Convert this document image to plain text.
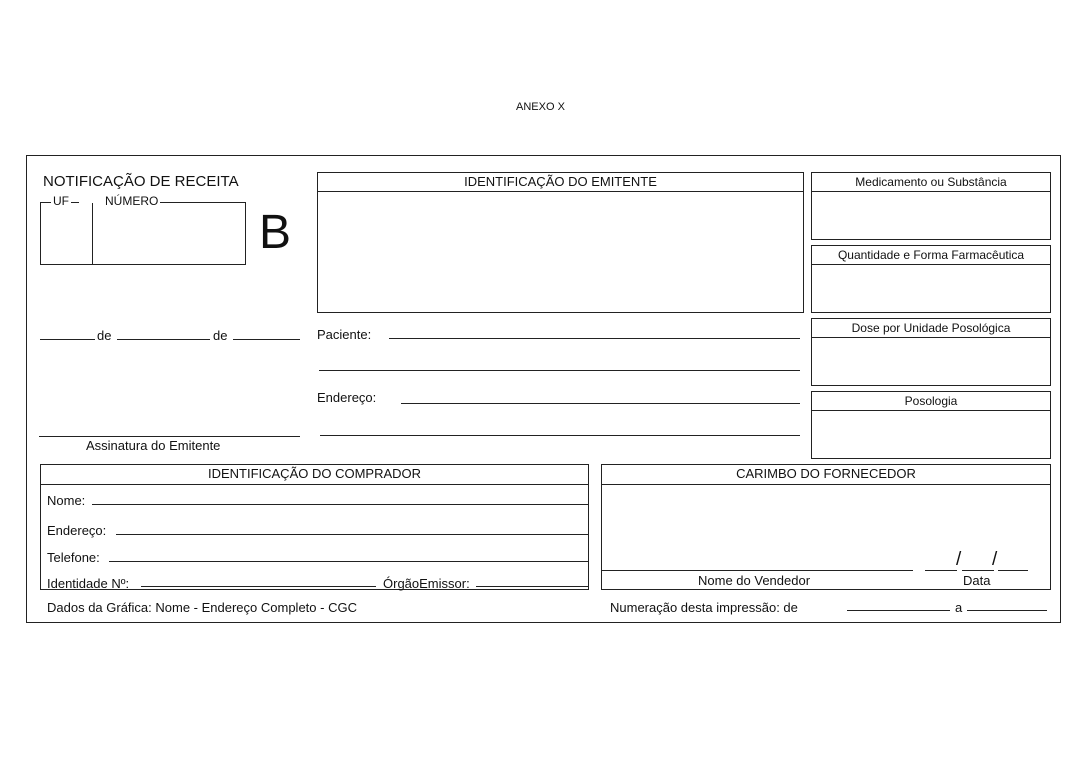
ANEXO X
NOTIFICAÇÃO DE RECEITA
UF	NÚMERO
B
de	de
Assinatura do Emitente
IDENTIFICAÇÃO DO EMITENTE
Paciente:
Endereço:
Medicamento ou Substância
Quantidade e Forma Farmacêutica
Dose por Unidade Posológica
Posologia
IDENTIFICAÇÃO DO COMPRADOR
Nome:
Endereço:
Telefone:
Identidade Nº:	ÓrgãoEmissor:
CARIMBO DO FORNECEDOR
Nome do Vendedor
/ /
Data
Dados da Gráfica: Nome - Endereço Completo - CGC	Numeração desta impressão: de	a
